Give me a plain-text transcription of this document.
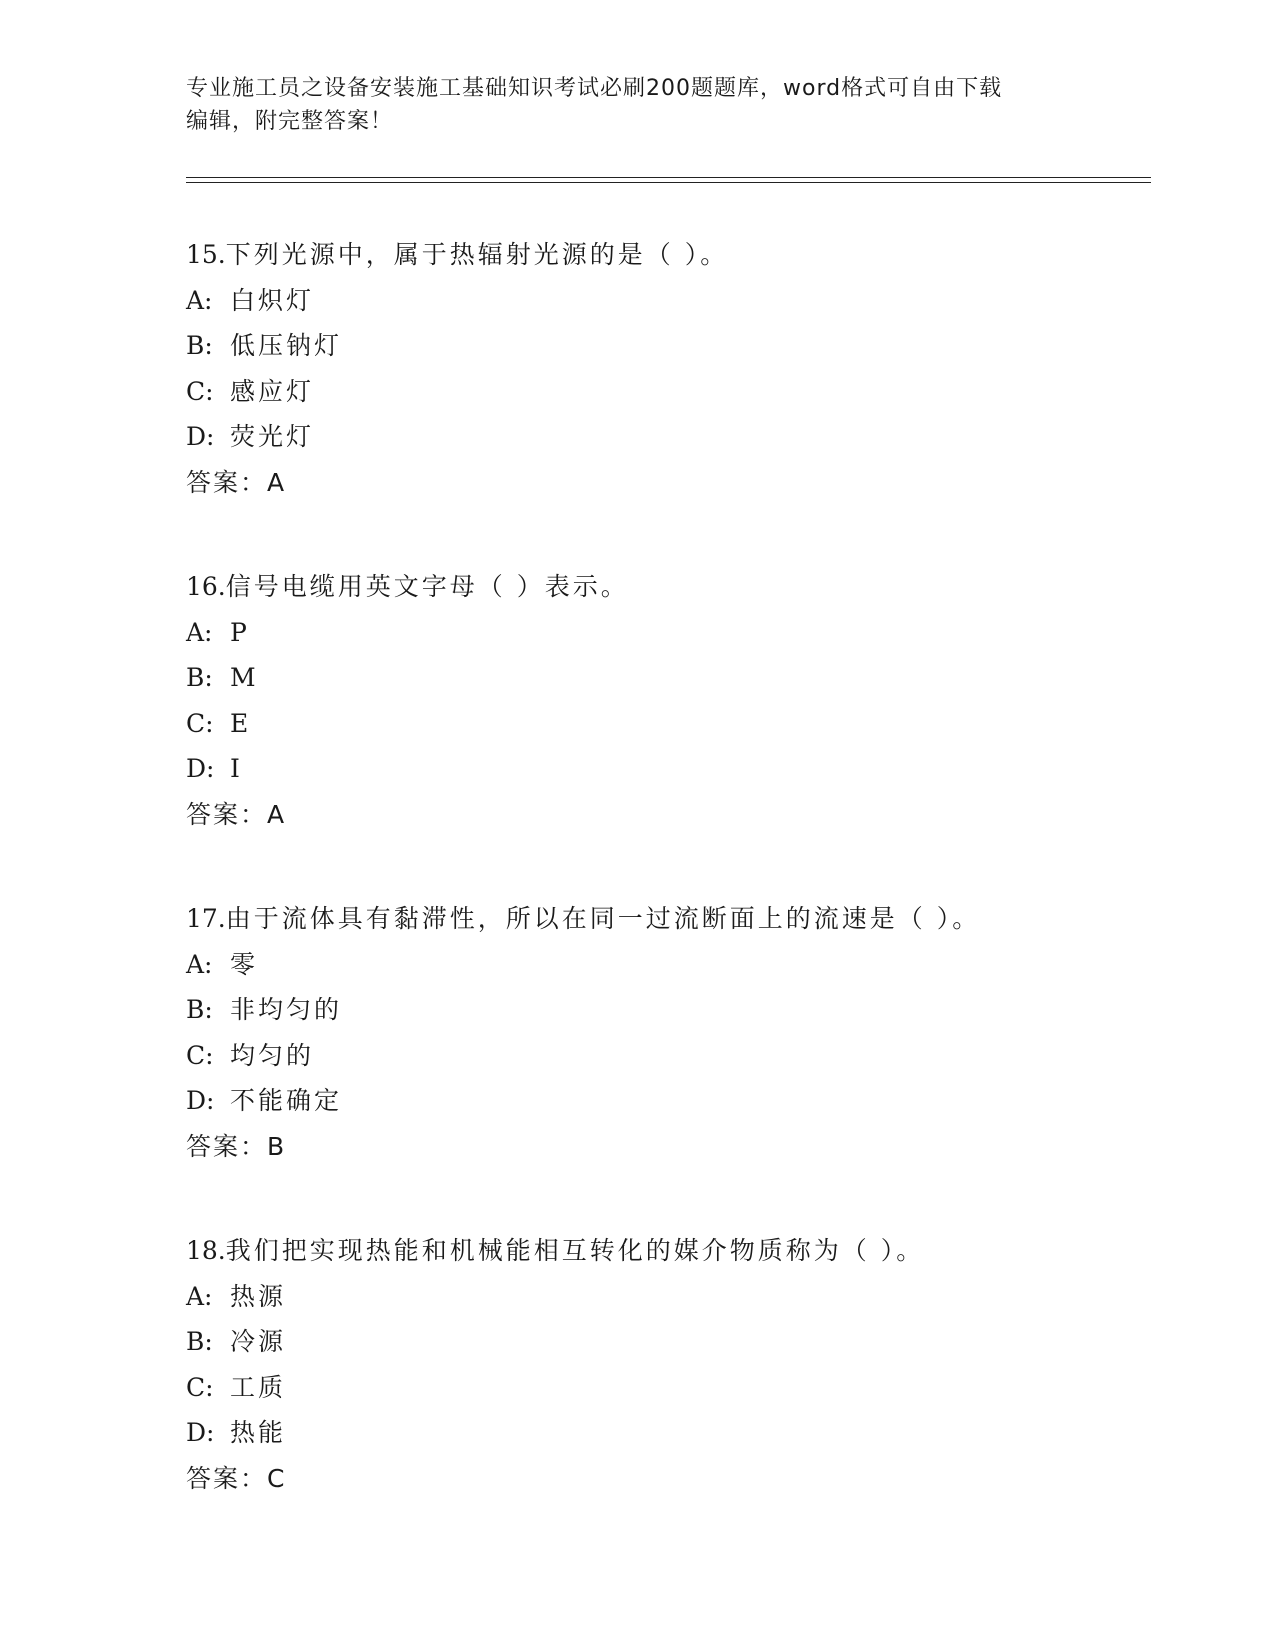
专业施工员之设备安装施工基础知识考试必刷200题题库，word格式可自由下载
编辑，附完整答案！
15.下列光源中，属于热辐射光源的是（ ）。
A: 白炽灯
B: 低压钠灯
C: 感应灯
D: 荧光灯
答案：A
16.信号电缆用英文字母（ ）表示。
A: P
B: M
C: E
D: I
答案：A
17.由于流体具有黏滞性，所以在同一过流断面上的流速是（ ）。
A: 零
B: 非均匀的
C: 均匀的
D: 不能确定
答案：B
18.我们把实现热能和机械能相互转化的媒介物质称为（ ）。
A: 热源
B: 冷源
C: 工质
D: 热能
答案：C
